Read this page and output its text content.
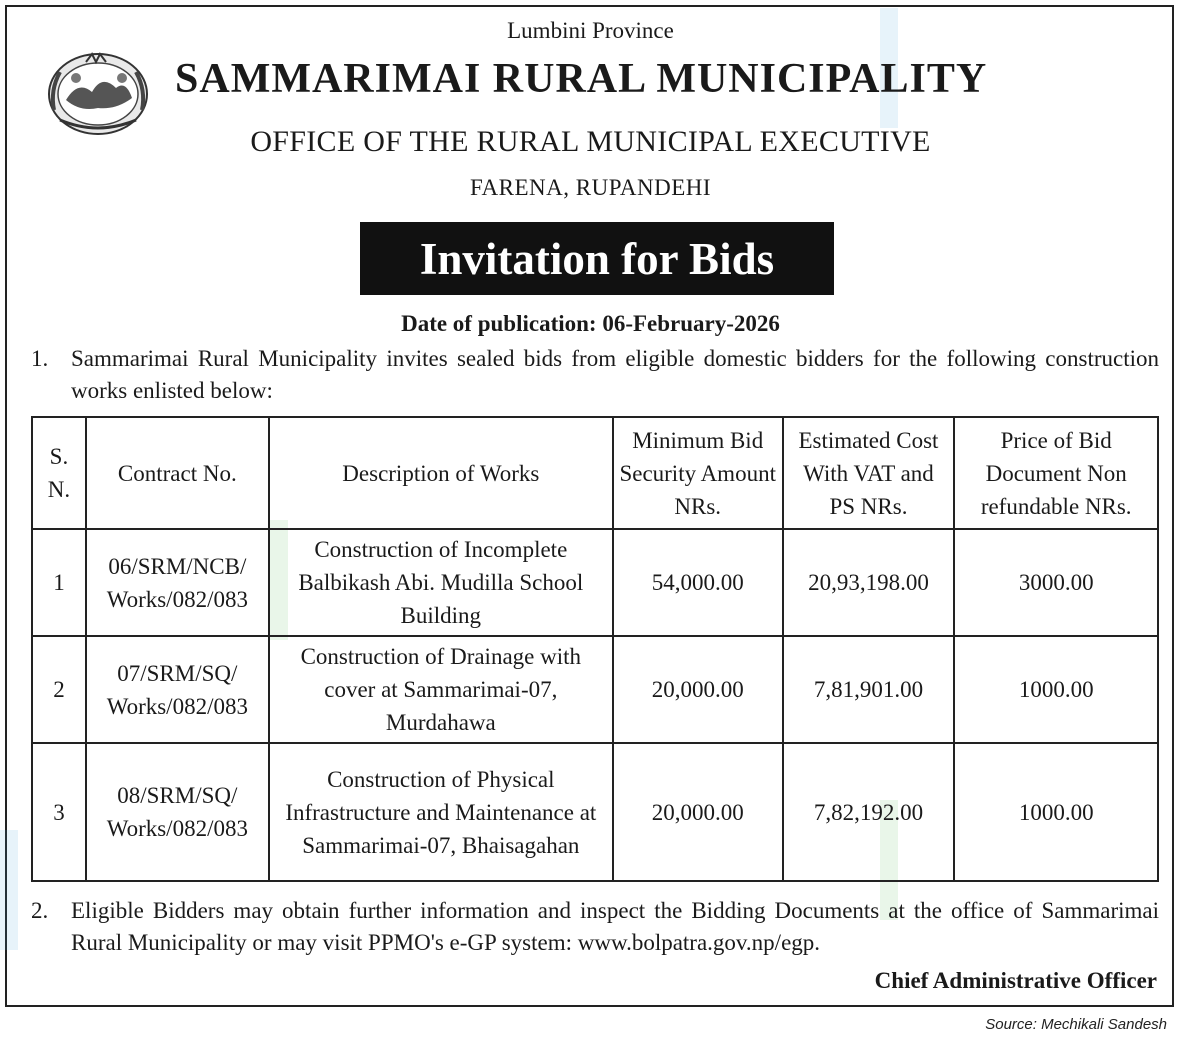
Lumbini Province
SAMMARIMAI RURAL MUNICIPALITY
OFFICE OF THE RURAL MUNICIPAL EXECUTIVE
FARENA, RUPANDEHI
Invitation for Bids
Date of publication: 06-February-2026
1. Sammarimai Rural Municipality invites sealed bids from eligible domestic bidders for the following construction works enlisted below:
S. N.	Contract No.	Description of Works	Minimum Bid Security Amount NRs.	Estimated Cost With VAT and PS NRs.	Price of Bid Document Non refundable NRs.
1	06/SRM/NCB/ Works/082/083	Construction of Incomplete Balbikash Abi. Mudilla School Building	54,000.00	20,93,198.00	3000.00
2	07/SRM/SQ/ Works/082/083	Construction of Drainage with cover at Sammarimai-07, Murdahawa	20,000.00	7,81,901.00	1000.00
3	08/SRM/SQ/ Works/082/083	Construction of Physical Infrastructure and Maintenance at Sammarimai-07, Bhaisagahan	20,000.00	7,82,192.00	1000.00
2. Eligible Bidders may obtain further information and inspect the Bidding Documents at the office of Sammarimai Rural Municipality or may visit PPMO's e-GP system: www.bolpatra.gov.np/egp.
Chief Administrative Officer
Source: Mechikali Sandesh
